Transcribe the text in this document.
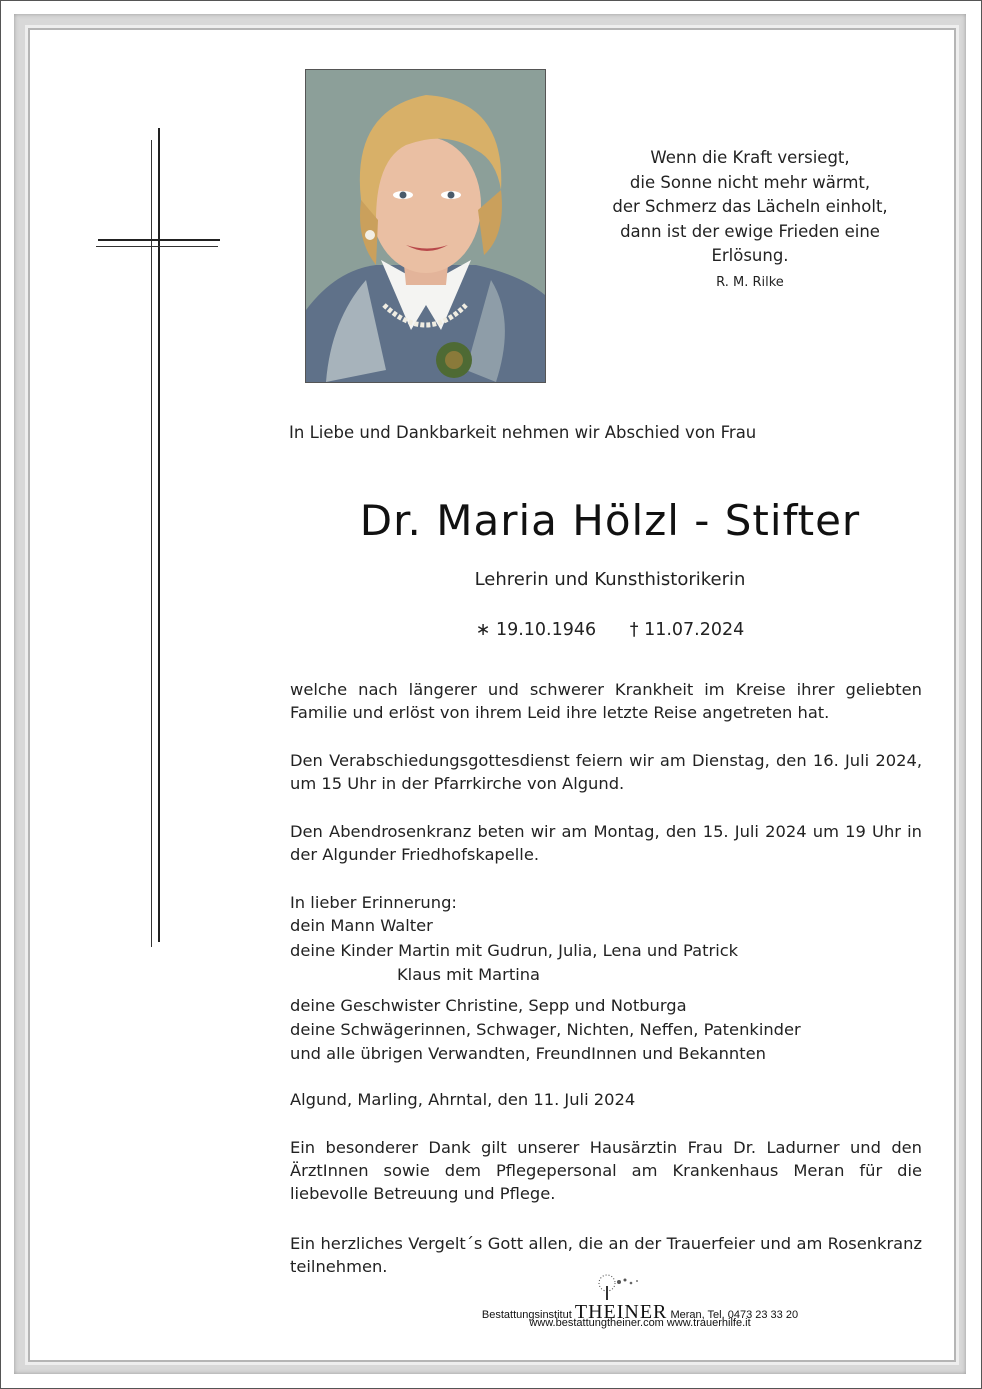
Wenn die Kraft versiegt,
die Sonne nicht mehr wärmt,
der Schmerz das Lächeln einholt,
dann ist der ewige Frieden eine
Erlösung.
R. M. Rilke
In Liebe und Dankbarkeit nehmen wir Abschied von Frau
Dr. Maria Hölzl - Stifter
Lehrerin und Kunsthistorikerin
∗ 19.10.1946 † 11.07.2024
welche nach längerer und schwerer Krankheit im Kreise ihrer geliebten Familie und erlöst von ihrem Leid ihre letzte Reise angetreten hat.
Den Verabschiedungsgottesdienst feiern wir am Dienstag, den 16. Juli 2024, um 15 Uhr in der Pfarrkirche von Algund.
Den Abendrosenkranz beten wir am Montag, den 15. Juli 2024 um 19 Uhr in der Algunder Friedhofskapelle.
In lieber Erinnerung:
dein Mann Walter
deine Kinder Martin mit Gudrun, Julia, Lena und Patrick
Klaus mit Martina
deine Geschwister Christine, Sepp und Notburga
deine Schwägerinnen, Schwager, Nichten, Neffen, Patenkinder
und alle übrigen Verwandten, FreundInnen und Bekannten
Algund, Marling, Ahrntal, den 11. Juli 2024
Ein besonderer Dank gilt unserer Hausärztin Frau Dr. Ladurner und den ÄrztInnen sowie dem Pflegepersonal am Krankenhaus Meran für die liebevolle Betreuung und Pflege.
Ein herzliches Vergelt´s Gott allen, die an der Trauerfeier und am Rosenkranz teilnehmen.
Bestattungsinstitut THEINER Meran, Tel. 0473 23 33 20
www.bestattungtheiner.com www.trauerhilfe.it
